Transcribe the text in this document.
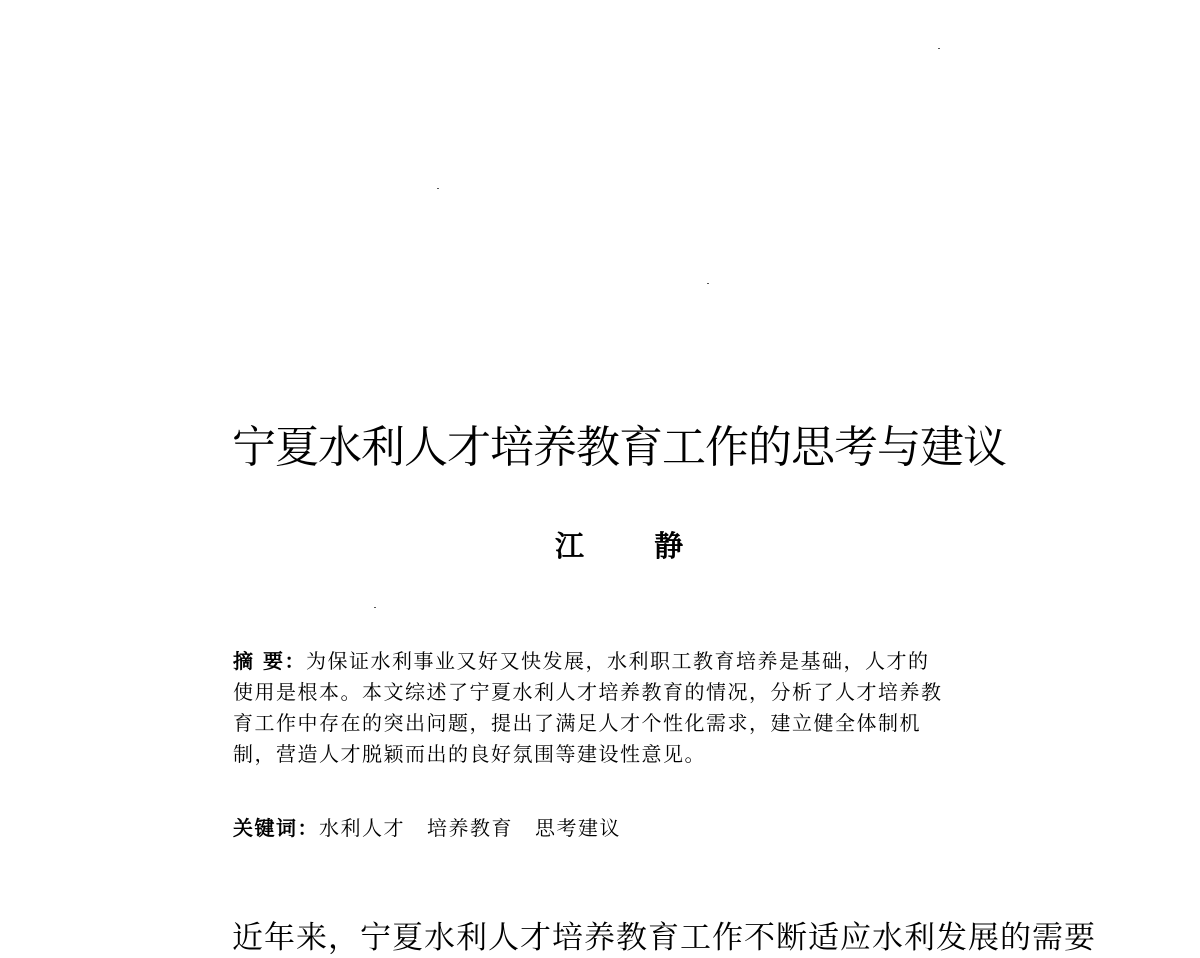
宁夏水利人才培养教育工作的思考与建议
江 静
摘 要：为保证水利事业又好又快发展，水利职工教育培养是基础，人才的
使用是根本。本文综述了宁夏水利人才培养教育的情况，分析了人才培养教
育工作中存在的突出问题，提出了满足人才个性化需求，建立健全体制机
制，营造人才脱颖而出的良好氛围等建设性意见。
关键词：水利人才 培养教育 思考建议
近年来，宁夏水利人才培养教育工作不断适应水利发展的需要
